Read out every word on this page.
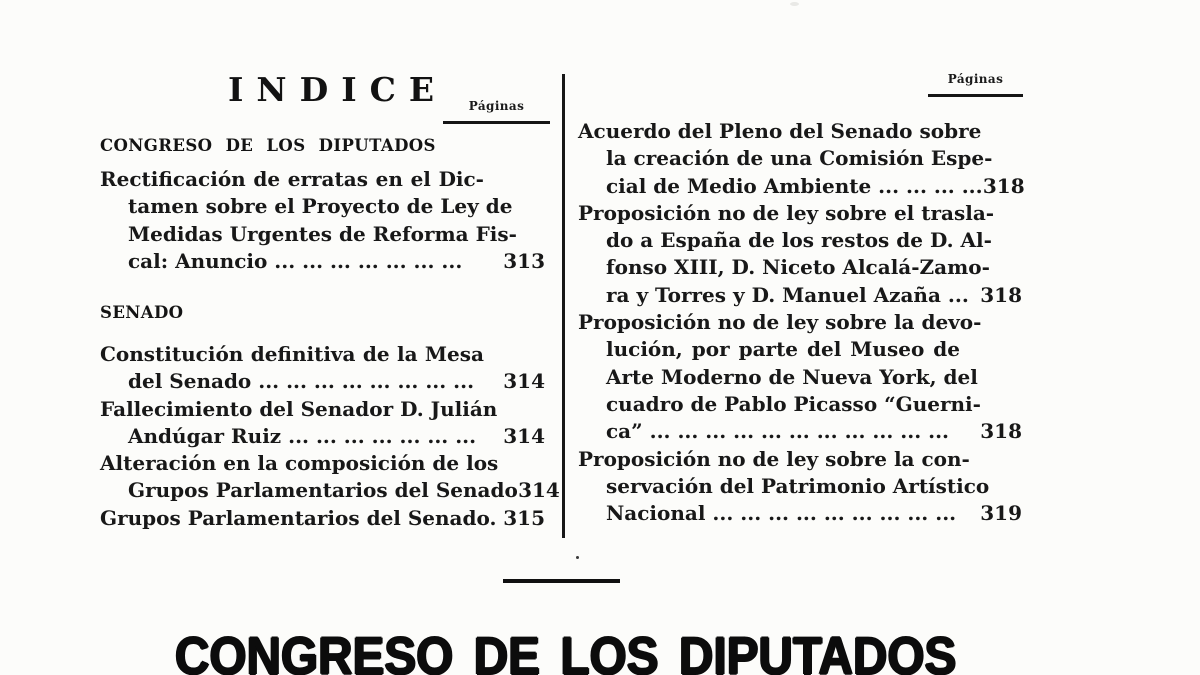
INDICE	Páginas
Páginas
CONGRESO DE LOS DIPUTADOS
Rectificación de erratas en el Dic-
tamen sobre el Proyecto de Ley de
Medidas Urgentes de Reforma Fis-
cal: Anuncio ... ... ... ... ... ... ... 313
SENADO
Constitución definitiva de la Mesa
del Senado ... ... ... ... ... ... ... ... 314
Fallecimiento del Senador D. Julián
Andúgar Ruiz ... ... ... ... ... ... ... 314
Alteración en la composición de los
Grupos Parlamentarios del Senado 314
Grupos Parlamentarios del Senado. 315
Acuerdo del Pleno del Senado sobre
la creación de una Comisión Espe-
cial de Medio Ambiente ... ... ... ... 318
Proposición no de ley sobre el trasla-
do a España de los restos de D. Al-
fonso XIII, D. Niceto Alcalá-Zamo-
ra y Torres y D. Manuel Azaña ... 318
Proposición no de ley sobre la devo-
lución, por parte del Museo de
Arte Moderno de Nueva York, del
cuadro de Pablo Picasso “Guerni-
ca” ... ... ... ... ... ... ... ... ... ... ... 318
Proposición no de ley sobre la con-
servación del Patrimonio Artístico
Nacional ... ... ... ... ... ... ... ... ... 319
CONGRESO DE LOS DIPUTADOS
